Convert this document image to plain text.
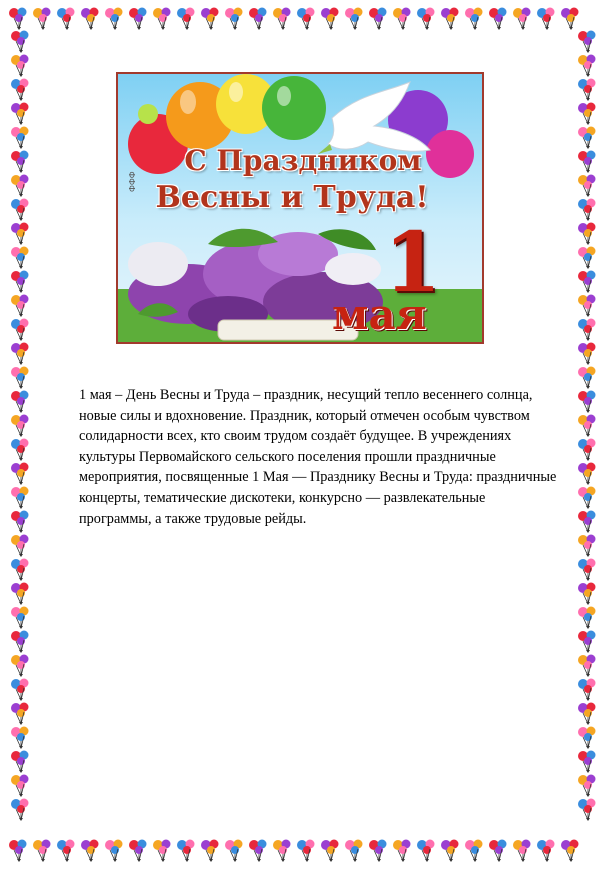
С Праздником
Весны и Труда!
1
мая
ФФФ

1 мая – День Весны и Труда – праздник, несущий тепло весеннего солнца, новые силы и вдохновение. Праздник, который отмечен особым чувством солидарности всех, кто своим трудом создаёт будущее. В учреждениях культуры Первомайского сельского поселения прошли праздничные мероприятия, посвященные 1 Мая — Празднику Весны и Труда: праздничные концерты, тематические дискотеки, конкурсно — развлекательные программы, а также трудовые рейды.
